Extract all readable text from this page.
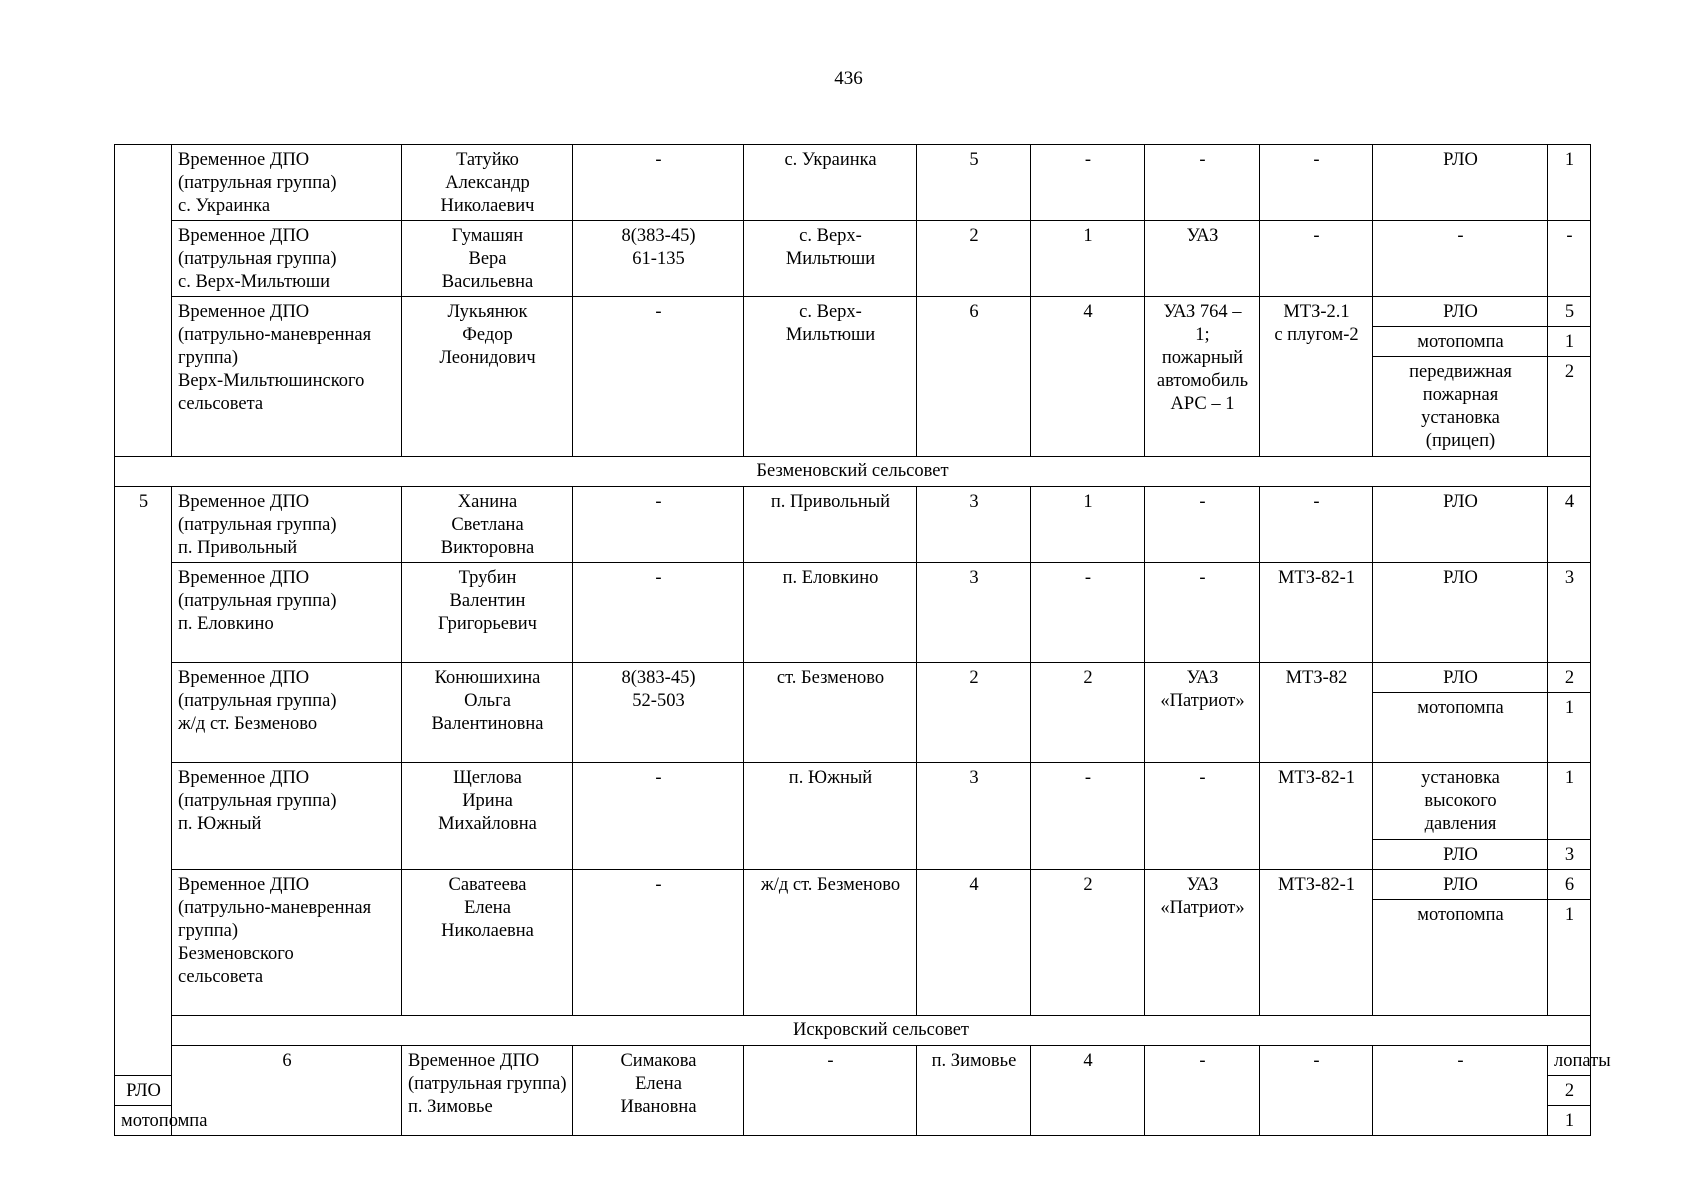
436
	Временное ДПО
(патрульная группа)
с. Украинка	Татуйко
Александр
Николаевич	-	с. Украинка	5	-	-	-	РЛО	1	
	Временное ДПО
(патрульная группа)
с. Верх-Мильтюши	Гумашян
Вера
Васильевна	8(383-45)
61-135	с. Верх-
Мильтюши	2	1	УАЗ	-	-	-	
	Временное ДПО
(патрульно-маневренная
группа)
Верх-Мильтюшинского
сельсовета	Лукьянюк
Федор
Леонидович	-	с. Верх-
Мильтюши	6	4	УАЗ 764 –
1;
пожарный
автомобиль
АРС – 1	МТЗ-2.1
с плугом-2	РЛО	5	
									мотопомпа	1	
									передвижная
пожарная
установка
(прицеп)	2	
Безменовский сельсовет											
5	Временное ДПО
(патрульная группа)
п. Привольный	Ханина
Светлана
Викторовна	-	п. Привольный	3	1	-	-	РЛО	4	
	Временное ДПО
(патрульная группа)
п. Еловкино	Трубин
Валентин
Григорьевич	-	п. Еловкино	3	-	-	МТЗ-82-1	РЛО	3	
	Временное ДПО
(патрульная группа)
ж/д ст. Безменово	Конюшихина
Ольга
Валентиновна	8(383-45)
52-503	ст. Безменово	2	2	УАЗ
«Патриот»	МТЗ-82	РЛО	2	
									мотопомпа	1	
	Временное ДПО
(патрульная группа)
п. Южный	Щеглова
Ирина
Михайловна	-	п. Южный	3	-	-	МТЗ-82-1	установка
высокого
давления	1	
									РЛО	3	
	Временное ДПО
(патрульно-маневренная
группа)
Безменовского
сельсовета	Саватеева
Елена
Николаевна	-	ж/д ст. Безменово	4	2	УАЗ
«Патриот»	МТЗ-82-1	РЛО	6	
									мотопомпа	1	
	Искровский сельсовет										
	6	Временное ДПО
(патрульная группа)
п. Зимовье	Симакова
Елена
Ивановна	-	п. Зимовье	4	-	-	-	лопаты	
РЛО										2	
мотопомпа										1	
